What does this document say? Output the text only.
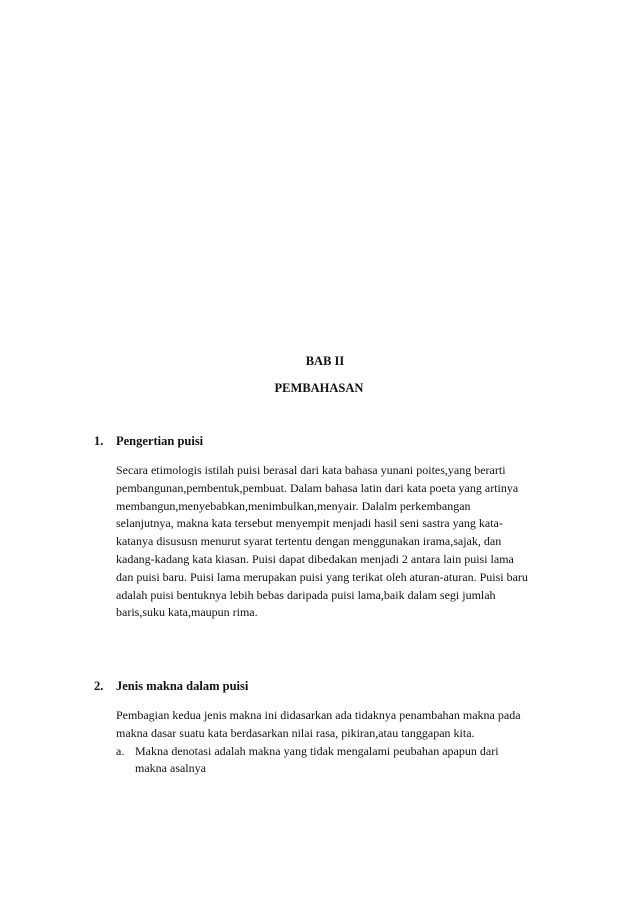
BAB II
PEMBAHASAN
1.	Pengertian puisi
Secara etimologis istilah puisi berasal dari kata bahasa yunani poites,yang berarti
pembangunan,pembentuk,pembuat. Dalam bahasa latin dari kata poeta yang artinya
membangun,menyebabkan,menimbulkan,menyair. Dalalm perkembangan
selanjutnya, makna kata tersebut menyempit menjadi hasil seni sastra yang kata-
katanya disususn menurut syarat tertentu dengan menggunakan irama,sajak, dan
kadang-kadang kata kiasan. Puisi dapat dibedakan menjadi 2 antara lain puisi lama
dan puisi baru. Puisi lama merupakan puisi yang terikat oleh aturan-aturan. Puisi baru
adalah puisi bentuknya lebih bebas daripada puisi lama,baik dalam segi jumlah
baris,suku kata,maupun rima.
2.	Jenis makna dalam puisi
Pembagian kedua jenis makna ini didasarkan ada tidaknya penambahan makna pada
makna dasar suatu kata berdasarkan nilai rasa, pikiran,atau tanggapan kita.
a. Makna denotasi adalah makna yang tidak mengalami peubahan apapun dari
makna asalnya
